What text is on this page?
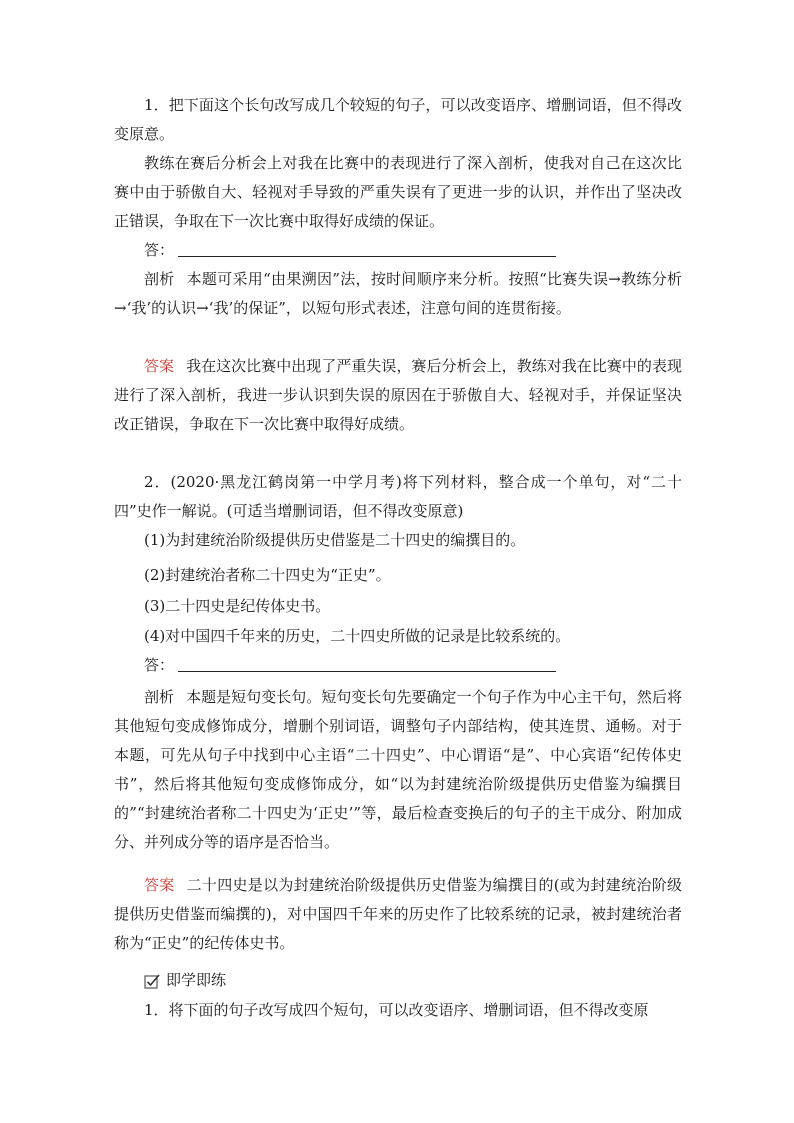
1．把下面这个长句改写成几个较短的句子，可以改变语序、增删词语，但不得改变原意。

教练在赛后分析会上对我在比赛中的表现进行了深入剖析，使我对自己在这次比赛中由于骄傲自大、轻视对手导致的严重失误有了更进一步的认识，并作出了坚决改正错误，争取在下一次比赛中取得好成绩的保证。

答：

剖析 本题可采用“由果溯因”法，按时间顺序来分析。按照“比赛失误→教练分析→‘我’的认识→‘我’的保证”，以短句形式表述，注意句间的连贯衔接。

答案 我在这次比赛中出现了严重失误，赛后分析会上，教练对我在比赛中的表现进行了深入剖析，我进一步认识到失误的原因在于骄傲自大、轻视对手，并保证坚决改正错误，争取在下一次比赛中取得好成绩。

2．(2020·黑龙江鹤岗第一中学月考)将下列材料，整合成一个单句，对“二十四”史作一解说。(可适当增删词语，但不得改变原意)

(1)为封建统治阶级提供历史借鉴是二十四史的编撰目的。

(2)封建统治者称二十四史为“正史”。

(3)二十四史是纪传体史书。

(4)对中国四千年来的历史，二十四史所做的记录是比较系统的。

答：

剖析 本题是短句变长句。短句变长句先要确定一个句子作为中心主干句，然后将其他短句变成修饰成分，增删个别词语，调整句子内部结构，使其连贯、通畅。对于本题，可先从句子中找到中心主语“二十四史”、中心谓语“是”、中心宾语“纪传体史书”，然后将其他短句变成修饰成分，如“以为封建统治阶级提供历史借鉴为编撰目的”“封建统治者称二十四史为‘正史’”等，最后检查变换后的句子的主干成分、附加成分、并列成分等的语序是否恰当。

答案 二十四史是以为封建统治阶级提供历史借鉴为编撰目的(或为封建统治阶级提供历史借鉴而编撰的)，对中国四千年来的历史作了比较系统的记录，被封建统治者称为“正史”的纪传体史书。

即学即练

1．将下面的句子改写成四个短句，可以改变语序、增删词语，但不得改变原
